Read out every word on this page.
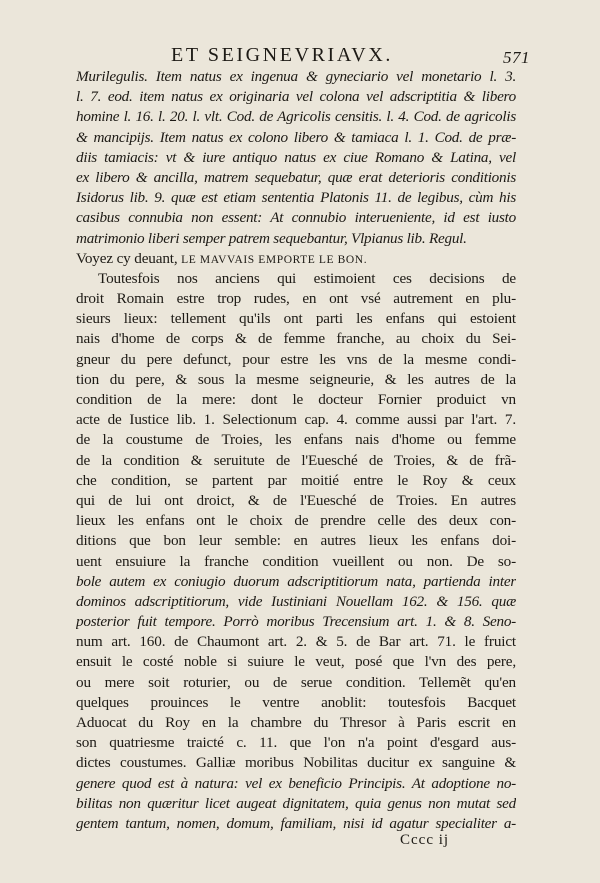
ET SEIGNEVRIAVX.	571
Murilegulis. Item natus ex ingenua & gyneciario vel monetario l. 3.
l. 7. eod. item natus ex originaria vel colona vel adscriptitia & libero
homine l. 16. l. 20. l. vlt. Cod. de Agricolis censitis. l. 4. Cod. de agricolis
& mancipijs. Item natus ex colono libero & tamiaca l. 1. Cod. de præ-
diis tamiacis: vt & iure antiquo natus ex ciue Romano & Latina, vel
ex libero & ancilla, matrem sequebatur, quæ erat deterioris conditionis
Isidorus lib. 9. quæ est etiam sententia Platonis 11. de legibus, cùm his
casibus connubia non essent: At connubio interueniente, id est iusto
matrimonio liberi semper patrem sequebantur, Vlpianus lib. Regul.
Voyez cy deuant, LE MAVVAIS EMPORTE LE BON.
Toutesfois nos anciens qui estimoient ces decisions de
droit Romain estre trop rudes, en ont vsé autrement en plu-
sieurs lieux: tellement qu'ils ont parti les enfans qui estoient
nais d'home de corps & de femme franche, au choix du Sei-
gneur du pere defunct, pour estre les vns de la mesme condi-
tion du pere, & sous la mesme seigneurie, & les autres de la
condition de la mere: dont le docteur Fornier produict vn
acte de Iustice lib. 1. Selectionum cap. 4. comme aussi par l'art. 7.
de la coustume de Troies, les enfans nais d'home ou femme
de la condition & seruitute de l'Euesché de Troies, & de frã-
che condition, se partent par moitié entre le Roy & ceux
qui de lui ont droict, & de l'Euesché de Troies. En autres
lieux les enfans ont le choix de prendre celle des deux con-
ditions que bon leur semble: en autres lieux les enfans doi-
uent ensuiure la franche condition vueillent ou non. De so-
bole autem ex coniugio duorum adscriptitiorum nata, partienda inter
dominos adscriptitiorum, vide Iustiniani Nouellam 162. & 156. quæ
posterior fuit tempore. Porrò moribus Trecensium art. 1. & 8. Seno-
num art. 160. de Chaumont art. 2. & 5. de Bar art. 71. le fruict
ensuit le costé noble si suiure le veut, posé que l'vn des pere,
ou mere soit roturier, ou de serue condition. Tellemẽt qu'en
quelques prouinces le ventre anoblit: toutesfois Bacquet
Aduocat du Roy en la chambre du Thresor à Paris escrit en
son quatriesme traicté c. 11. que l'on n'a point d'esgard aus-
dictes coustumes. Galliæ moribus Nobilitas ducitur ex sanguine &
genere quod est à natura: vel ex beneficio Principis. At adoptione no-
bilitas non quæritur licet augeat dignitatem, quia genus non mutat sed
gentem tantum, nomen, domum, familiam, nisi id agatur specialiter a-
Cccc ij
